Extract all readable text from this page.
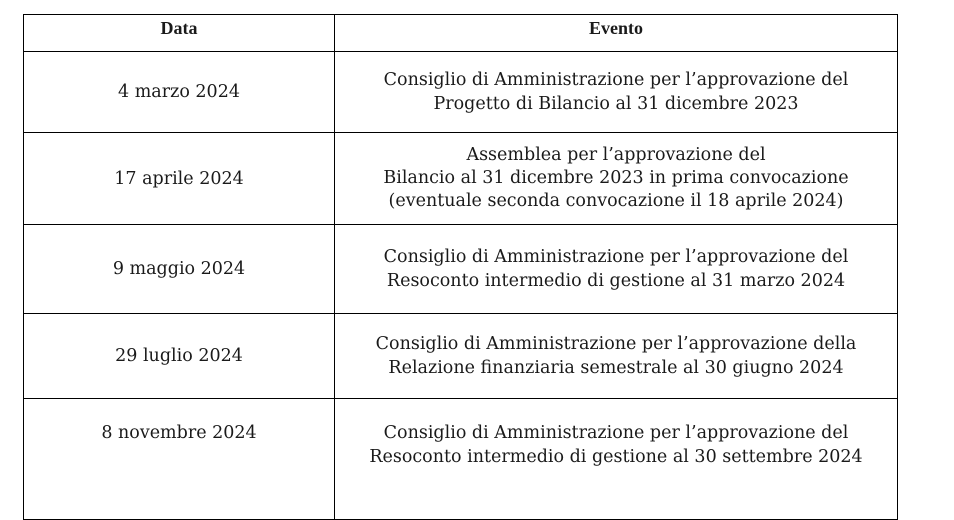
Data	Evento
4 marzo 2024	Consiglio di Amministrazione per l’approvazione del
Progetto di Bilancio al 31 dicembre 2023

17 aprile 2024	Assemblea per l’approvazione del
Bilancio al 31 dicembre 2023 in prima convocazione
(eventuale seconda convocazione il 18 aprile 2024)

9 maggio 2024	Consiglio di Amministrazione per l’approvazione del
Resoconto intermedio di gestione al 31 marzo 2024

29 luglio 2024	Consiglio di Amministrazione per l’approvazione della
Relazione finanziaria semestrale al 30 giugno 2024

8 novembre 2024	Consiglio di Amministrazione per l’approvazione del
Resoconto intermedio di gestione al 30 settembre 2024
